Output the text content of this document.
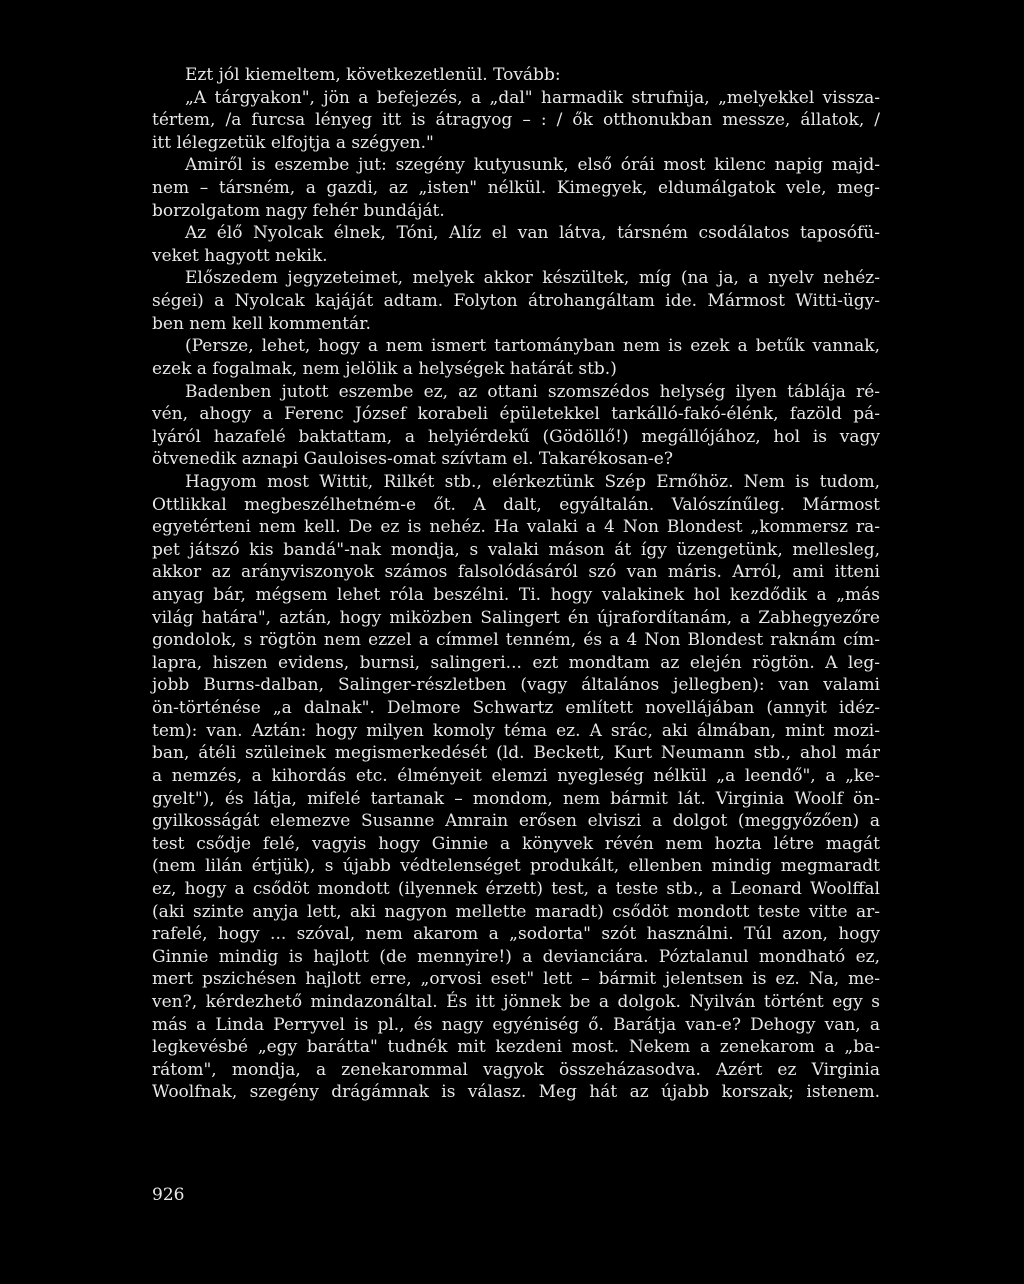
Ezt jól kiemeltem, következetlenül. Tovább:
„A tárgyakon", jön a befejezés, a „dal" harmadik strufnija, „melyekkel vissza-
tértem, /a furcsa lényeg itt is átragyog – : / ők otthonukban messze, állatok, /
itt lélegzetük elfojtja a szégyen."
Amiről is eszembe jut: szegény kutyusunk, első órái most kilenc napig majd-
nem – társném, a gazdi, az „isten" nélkül. Kimegyek, eldumálgatok vele, meg-
borzolgatom nagy fehér bundáját.
Az élő Nyolcak élnek, Tóni, Alíz el van látva, társném csodálatos taposófü-
veket hagyott nekik.
Előszedem jegyzeteimet, melyek akkor készültek, míg (na ja, a nyelv nehéz-
ségei) a Nyolcak kajáját adtam. Folyton átrohangáltam ide. Mármost Witti-ügy-
ben nem kell kommentár.
(Persze, lehet, hogy a nem ismert tartományban nem is ezek a betűk vannak,
ezek a fogalmak, nem jelölik a helységek határát stb.)
Badenben jutott eszembe ez, az ottani szomszédos helység ilyen táblája ré-
vén, ahogy a Ferenc József korabeli épületekkel tarkálló-fakó-élénk, fazöld pá-
lyáról hazafelé baktattam, a helyiérdekű (Gödöllő!) megállójához, hol is vagy
ötvenedik aznapi Gauloises-omat szívtam el. Takarékosan-e?
Hagyom most Wittit, Rilkét stb., elérkeztünk Szép Ernőhöz. Nem is tudom,
Ottlikkal megbeszélhetném-e őt. A dalt, egyáltalán. Valószínűleg. Mármost
egyetérteni nem kell. De ez is nehéz. Ha valaki a 4 Non Blondest „kommersz ra-
pet játszó kis bandá"-nak mondja, s valaki máson át így üzengetünk, mellesleg,
akkor az arányviszonyok számos falsolódásáról szó van máris. Arról, ami itteni
anyag bár, mégsem lehet róla beszélni. Ti. hogy valakinek hol kezdődik a „más
világ határa", aztán, hogy miközben Salingert én újrafordítanám, a Zabhegyezőre
gondolok, s rögtön nem ezzel a címmel tenném, és a 4 Non Blondest raknám cím-
lapra, hiszen evidens, burnsi, salingeri... ezt mondtam az elején rögtön. A leg-
jobb Burns-dalban, Salinger-részletben (vagy általános jellegben): van valami
ön-történése „a dalnak". Delmore Schwartz említett novellájában (annyit idéz-
tem): van. Aztán: hogy milyen komoly téma ez. A srác, aki álmában, mint mozi-
ban, átéli szüleinek megismerkedését (ld. Beckett, Kurt Neumann stb., ahol már
a nemzés, a kihordás etc. élményeit elemzi nyegleség nélkül „a leendő", a „ke-
gyelt"), és látja, mifelé tartanak – mondom, nem bármit lát. Virginia Woolf ön-
gyilkosságát elemezve Susanne Amrain erősen elviszi a dolgot (meggyőzően) a
test csődje felé, vagyis hogy Ginnie a könyvek révén nem hozta létre magát
(nem lilán értjük), s újabb védtelenséget produkált, ellenben mindig megmaradt
ez, hogy a csődöt mondott (ilyennek érzett) test, a teste stb., a Leonard Woolffal
(aki szinte anyja lett, aki nagyon mellette maradt) csődöt mondott teste vitte ar-
rafelé, hogy ... szóval, nem akarom a „sodorta" szót használni. Túl azon, hogy
Ginnie mindig is hajlott (de mennyire!) a devianciára. Póztalanul mondható ez,
mert pszichésen hajlott erre, „orvosi eset" lett – bármit jelentsen is ez. Na, me-
ven?, kérdezhető mindazonáltal. És itt jönnek be a dolgok. Nyilván történt egy s
más a Linda Perryvel is pl., és nagy egyéniség ő. Barátja van-e? Dehogy van, a
legkevésbé „egy barátta" tudnék mit kezdeni most. Nekem a zenekarom a „ba-
rátom", mondja, a zenekarommal vagyok összeházasodva. Azért ez Virginia
Woolfnak, szegény drágámnak is válasz. Meg hát az újabb korszak; istenem.
926
